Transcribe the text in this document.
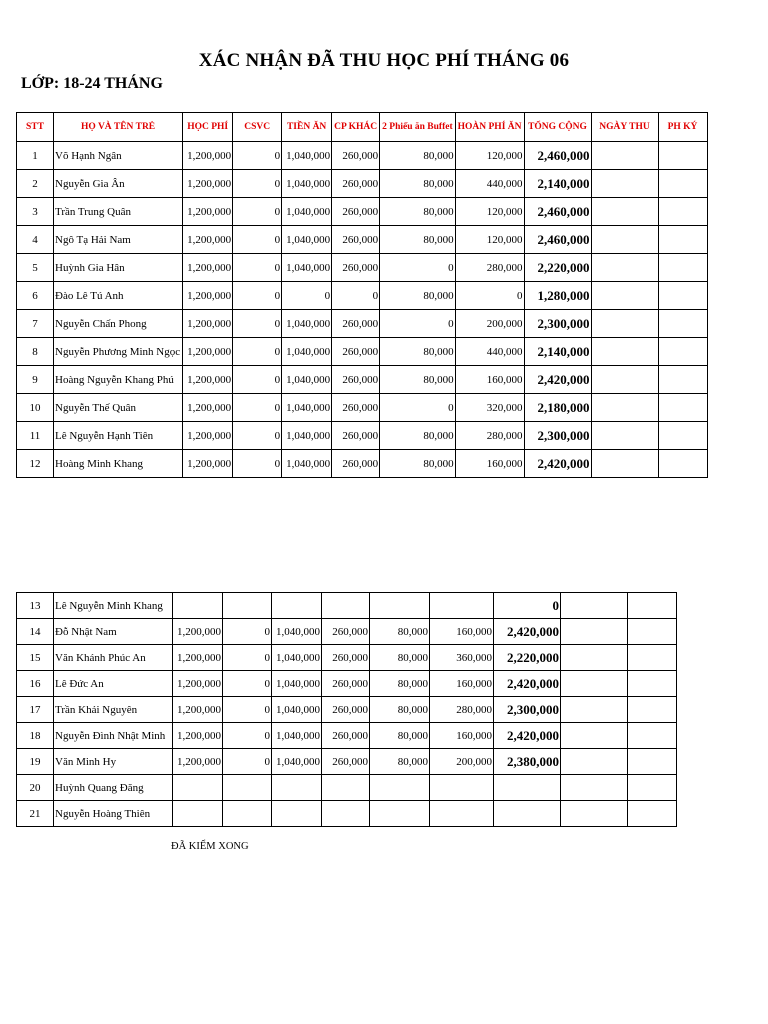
XÁC NHẬN ĐÃ THU HỌC PHÍ THÁNG 06
LỚP: 18-24 THÁNG
STT	HỌ VÀ TÊN TRẺ	HỌC PHÍ	CSVC	TIỀN ĂN	CP KHÁC	2 Phiếu ăn Buffet	HOÀN PHÍ ĂN	TỔNG CỘNG	NGÀY THU	PH KÝ
1	Võ Hạnh Ngân	1,200,000	0	1,040,000	260,000	80,000	120,000	2,460,000		
2	Nguyễn Gia Ân	1,200,000	0	1,040,000	260,000	80,000	440,000	2,140,000		
3	Trần Trung Quân	1,200,000	0	1,040,000	260,000	80,000	120,000	2,460,000		
4	Ngô Tạ Hải Nam	1,200,000	0	1,040,000	260,000	80,000	120,000	2,460,000		
5	Huỳnh Gia Hân	1,200,000	0	1,040,000	260,000	0	280,000	2,220,000		
6	Đào Lê Tú Anh	1,200,000	0	0	0	80,000	0	1,280,000		
7	Nguyễn Chấn Phong	1,200,000	0	1,040,000	260,000	0	200,000	2,300,000		
8	Nguyễn Phương Minh Ngọc	1,200,000	0	1,040,000	260,000	80,000	440,000	2,140,000		
9	Hoàng Nguyễn Khang Phú	1,200,000	0	1,040,000	260,000	80,000	160,000	2,420,000		
10	Nguyễn Thế Quân	1,200,000	0	1,040,000	260,000	0	320,000	2,180,000		
11	Lê Nguyễn Hạnh Tiên	1,200,000	0	1,040,000	260,000	80,000	280,000	2,300,000		
12	Hoàng Minh Khang	1,200,000	0	1,040,000	260,000	80,000	160,000	2,420,000		
13	Lê Nguyễn Minh Khang							0		
14	Đỗ Nhật Nam	1,200,000	0	1,040,000	260,000	80,000	160,000	2,420,000		
15	Văn Khánh Phúc An	1,200,000	0	1,040,000	260,000	80,000	360,000	2,220,000		
16	Lê Đức An	1,200,000	0	1,040,000	260,000	80,000	160,000	2,420,000		
17	Trần Khải Nguyên	1,200,000	0	1,040,000	260,000	80,000	280,000	2,300,000		
18	Nguyễn Đình Nhật Minh	1,200,000	0	1,040,000	260,000	80,000	160,000	2,420,000		
19	Văn Minh Hy	1,200,000	0	1,040,000	260,000	80,000	200,000	2,380,000		
20	Huỳnh Quang Đăng									
21	Nguyễn Hoàng Thiên									
ĐÃ KIỂM XONG
